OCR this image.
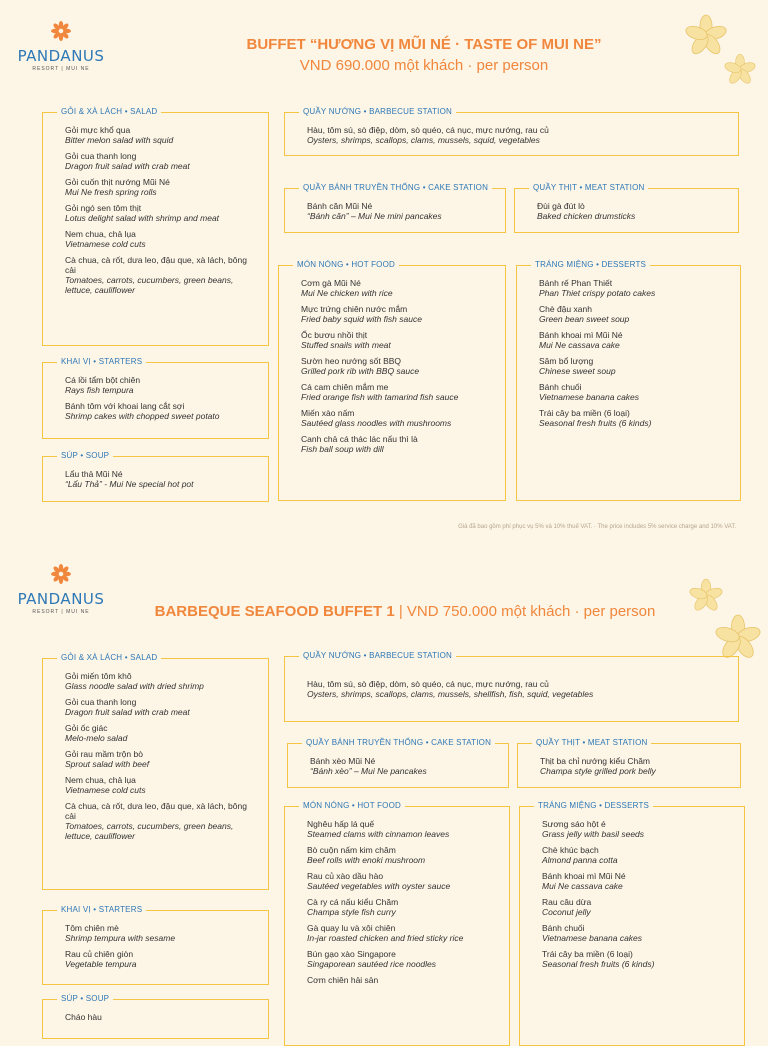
PANDANUS
RESORT | MUI NE
PANDANUS
RESORT | MUI NE
BUFFET “HƯƠNG VỊ MŨI NÉ · TASTE OF MUI NE”
VND 690.000 một khách · per person
GỎI & XÀ LÁCH • SALAD
Gỏi mực khổ qua
Bitter melon salad with squid
Gỏi cua thanh long
Dragon fruit salad with crab meat
Gỏi cuốn thịt nướng Mũi Né
Mui Ne fresh spring rolls
Gỏi ngó sen tôm thịt
Lotus delight salad with shrimp and meat
Nem chua, chả lụa
Vietnamese cold cuts
Cà chua, cà rốt, dưa leo, đậu que, xà lách, bông cải
Tomatoes, carrots, cucumbers, green beans, lettuce, cauliflower
KHAI VỊ • STARTERS
Cá lồi tẩm bột chiên
Rays fish tempura
Bánh tôm với khoai lang cắt sợi
Shrimp cakes with chopped sweet potato
SÚP • SOUP
Lẩu thả Mũi Né
“Lẩu Thả” - Mui Ne special hot pot
QUẦY NƯỚNG • BARBECUE STATION
Hàu, tôm sú, sò điệp, dòm, sò quéo, cá nục, mực nướng, rau củ
Oysters, shrimps, scallops, clams, mussels, squid, vegetables
QUẦY BÁNH TRUYỀN THỐNG • CAKE STATION
Bánh căn Mũi Né
“Bánh căn” – Mui Ne mini pancakes
QUẦY THỊT • MEAT STATION
Đùi gà đút lò
Baked chicken drumsticks
MÓN NÓNG • HOT FOOD
Cơm gà Mũi Né
Mui Ne chicken with rice
Mực trứng chiên nước mắm
Fried baby squid with fish sauce
Ốc bươu nhồi thịt
Stuffed snails with meat
Sườn heo nướng sốt BBQ
Grilled pork rib with BBQ sauce
Cá cam chiên mắm me
Fried orange fish with tamarind fish sauce
Miến xào nấm
Sautéed glass noodles with mushrooms
Canh chả cá thác lác nấu thì là
Fish ball soup with dill
TRÁNG MIỆNG • DESSERTS
Bánh rế Phan Thiết
Phan Thiet crispy potato cakes
Chè đậu xanh
Green bean sweet soup
Bánh khoai mì Mũi Né
Mui Ne cassava cake
Sâm bổ lượng
Chinese sweet soup
Bánh chuối
Vietnamese banana cakes
Trái cây ba miền (6 loại)
Seasonal fresh fruits (6 kinds)
Giá đã bao gồm phí phục vụ 5% và 10% thuế VAT. · The price includes 5% service charge and 10% VAT.
BARBEQUE SEAFOOD BUFFET 1 | VND 750.000 một khách · per person
GỎI & XÀ LÁCH • SALAD
Gỏi miến tôm khô
Glass noodle salad with dried shrimp
Gỏi cua thanh long
Dragon fruit salad with crab meat
Gỏi ốc giác
Melo-melo salad
Gỏi rau mầm trộn bò
Sprout salad with beef
Nem chua, chả lụa
Vietnamese cold cuts
Cà chua, cà rốt, dưa leo, đậu que, xà lách, bông cải
Tomatoes, carrots, cucumbers, green beans, lettuce, cauliflower
KHAI VỊ • STARTERS
Tôm chiên mè
Shrimp tempura with sesame
Rau củ chiên giòn
Vegetable tempura
SÚP • SOUP
Cháo hàu
QUẦY NƯỚNG • BARBECUE STATION
Hàu, tôm sú, sò điệp, dòm, sò quéo, cá nục, mực nướng, rau củ
Oysters, shrimps, scallops, clams, mussels, shellfish, fish, squid, vegetables
QUẦY BÁNH TRUYỀN THỐNG • CAKE STATION
Bánh xèo Mũi Né
“Bánh xèo” – Mui Ne pancakes
QUẦY THỊT • MEAT STATION
Thịt ba chỉ nướng kiểu Chăm
Champa style grilled pork belly
MÓN NÓNG • HOT FOOD
Nghêu hấp lá quế
Steamed clams with cinnamon leaves
Bò cuộn nấm kim châm
Beef rolls with enoki mushroom
Rau củ xào dầu hào
Sautéed vegetables with oyster sauce
Cà ry cá nấu kiểu Chăm
Champa style fish curry
Gà quay lu và xôi chiên
In-jar roasted chicken and fried sticky rice
Bún gạo xào Singapore
Singaporean sautéed rice noodles
Cơm chiên hải sản
TRÁNG MIỆNG • DESSERTS
Sương sáo hột é
Grass jelly with basil seeds
Chè khúc bạch
Almond panna cotta
Bánh khoai mì Mũi Né
Mui Ne cassava cake
Rau câu dừa
Coconut jelly
Bánh chuối
Vietnamese banana cakes
Trái cây ba miền (6 loại)
Seasonal fresh fruits (6 kinds)
